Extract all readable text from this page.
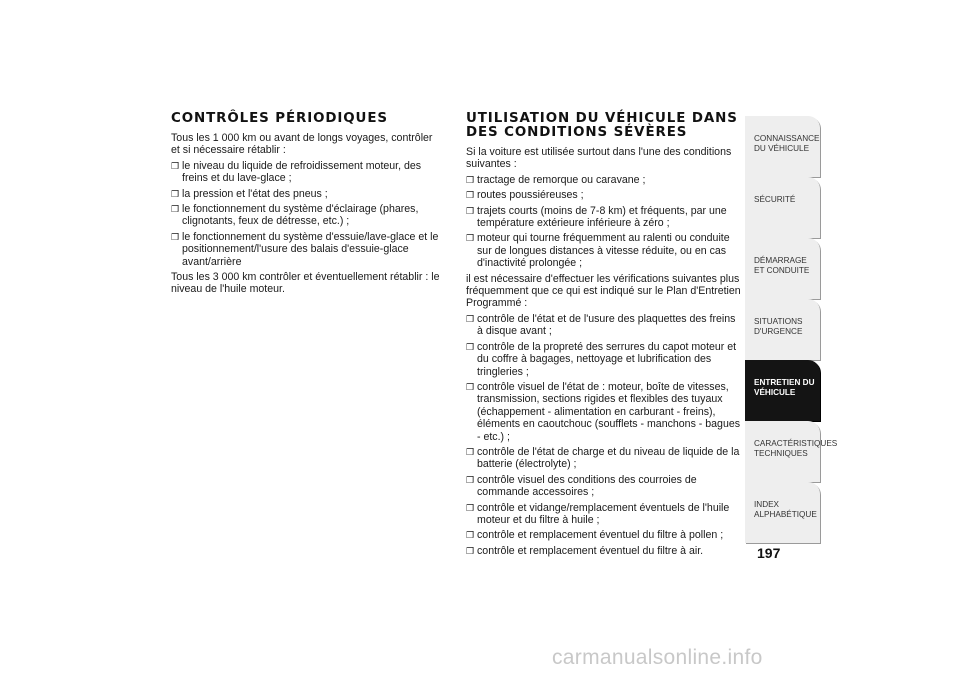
CONTRÔLES PÉRIODIQUES

Tous les 1 000 km ou avant de longs voyages, contrôler et si nécessaire rétablir :

❒ le niveau du liquide de refroidissement moteur, des freins et du lave-glace ;
❒ la pression et l'état des pneus ;
❒ le fonctionnement du système d'éclairage (phares, clignotants, feux de détresse, etc.) ;
❒ le fonctionnement du système d'essuie/lave-glace et le positionnement/l'usure des balais d'essuie-glace avant/arrière

Tous les 3 000 km contrôler et éventuellement rétablir : le niveau de l'huile moteur.

UTILISATION DU VÉHICULE DANS DES CONDITIONS SÉVÈRES

Si la voiture est utilisée surtout dans l'une des conditions suivantes :

❒ tractage de remorque ou caravane ;
❒ routes poussiéreuses ;
❒ trajets courts (moins de 7-8 km) et fréquents, par une température extérieure inférieure à zéro ;
❒ moteur qui tourne fréquemment au ralenti ou conduite sur de longues distances à vitesse réduite, ou en cas d'inactivité prolongée ;

il est nécessaire d'effectuer les vérifications suivantes plus fréquemment que ce qui est indiqué sur le Plan d'Entretien Programmé :

❒ contrôle de l'état et de l'usure des plaquettes des freins à disque avant ;
❒ contrôle de la propreté des serrures du capot moteur et du coffre à bagages, nettoyage et lubrification des tringleries ;
❒ contrôle visuel de l'état de : moteur, boîte de vitesses, transmission, sections rigides et flexibles des tuyaux (échappement - alimentation en carburant - freins), éléments en caoutchouc (soufflets - manchons - bagues - etc.) ;
❒ contrôle de l'état de charge et du niveau de liquide de la batterie (électrolyte) ;
❒ contrôle visuel des conditions des courroies de commande accessoires ;
❒ contrôle et vidange/remplacement éventuels de l'huile moteur et du filtre à huile ;
❒ contrôle et remplacement éventuel du filtre à pollen ;
❒ contrôle et remplacement éventuel du filtre à air.
CONNAISSANCE DU VÉHICULE
SÉCURITÉ
DÉMARRAGE ET CONDUITE
SITUATIONS D'URGENCE
ENTRETIEN DU VÉHICULE
CARACTÉRISTIQUES TECHNIQUES
INDEX ALPHABÉTIQUE
197
carmanualsonline.info
